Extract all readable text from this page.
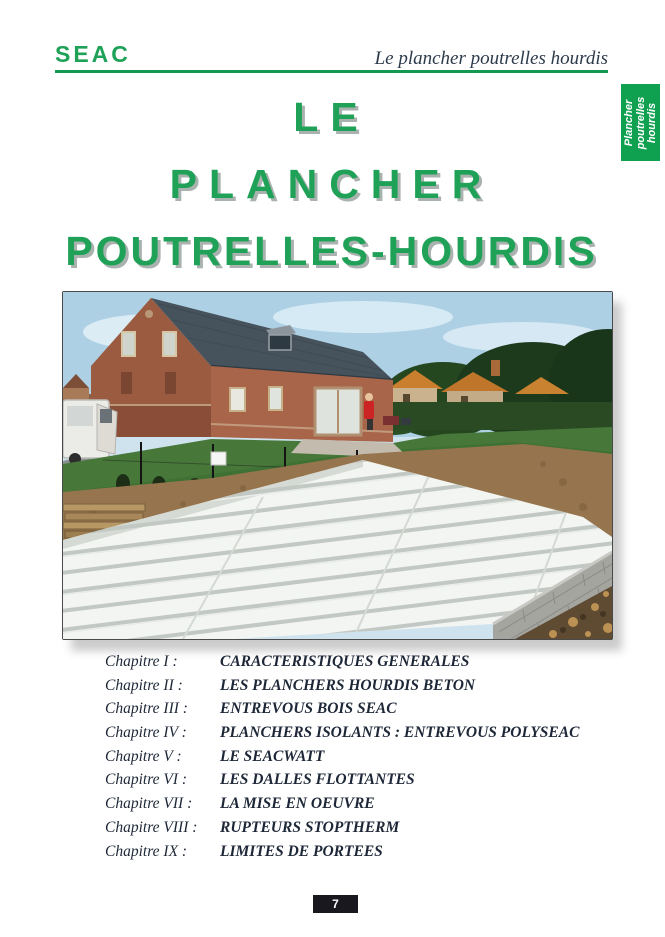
SEAC	Le plancher poutrelles hourdis
Plancher
poutrelles
hourdis
LE
PLANCHER
POUTRELLES-HOURDIS
Chapitre I :	CARACTERISTIQUES GENERALES
Chapitre II :	LES PLANCHERS HOURDIS BETON
Chapitre III :	ENTREVOUS BOIS SEAC
Chapitre IV :	PLANCHERS ISOLANTS : ENTREVOUS POLYSEAC
Chapitre V :	LE SEACWATT
Chapitre VI :	LES DALLES FLOTTANTES
Chapitre VII :	LA MISE EN OEUVRE
Chapitre VIII :	RUPTEURS STOPTHERM
Chapitre IX :	LIMITES DE PORTEES
7
